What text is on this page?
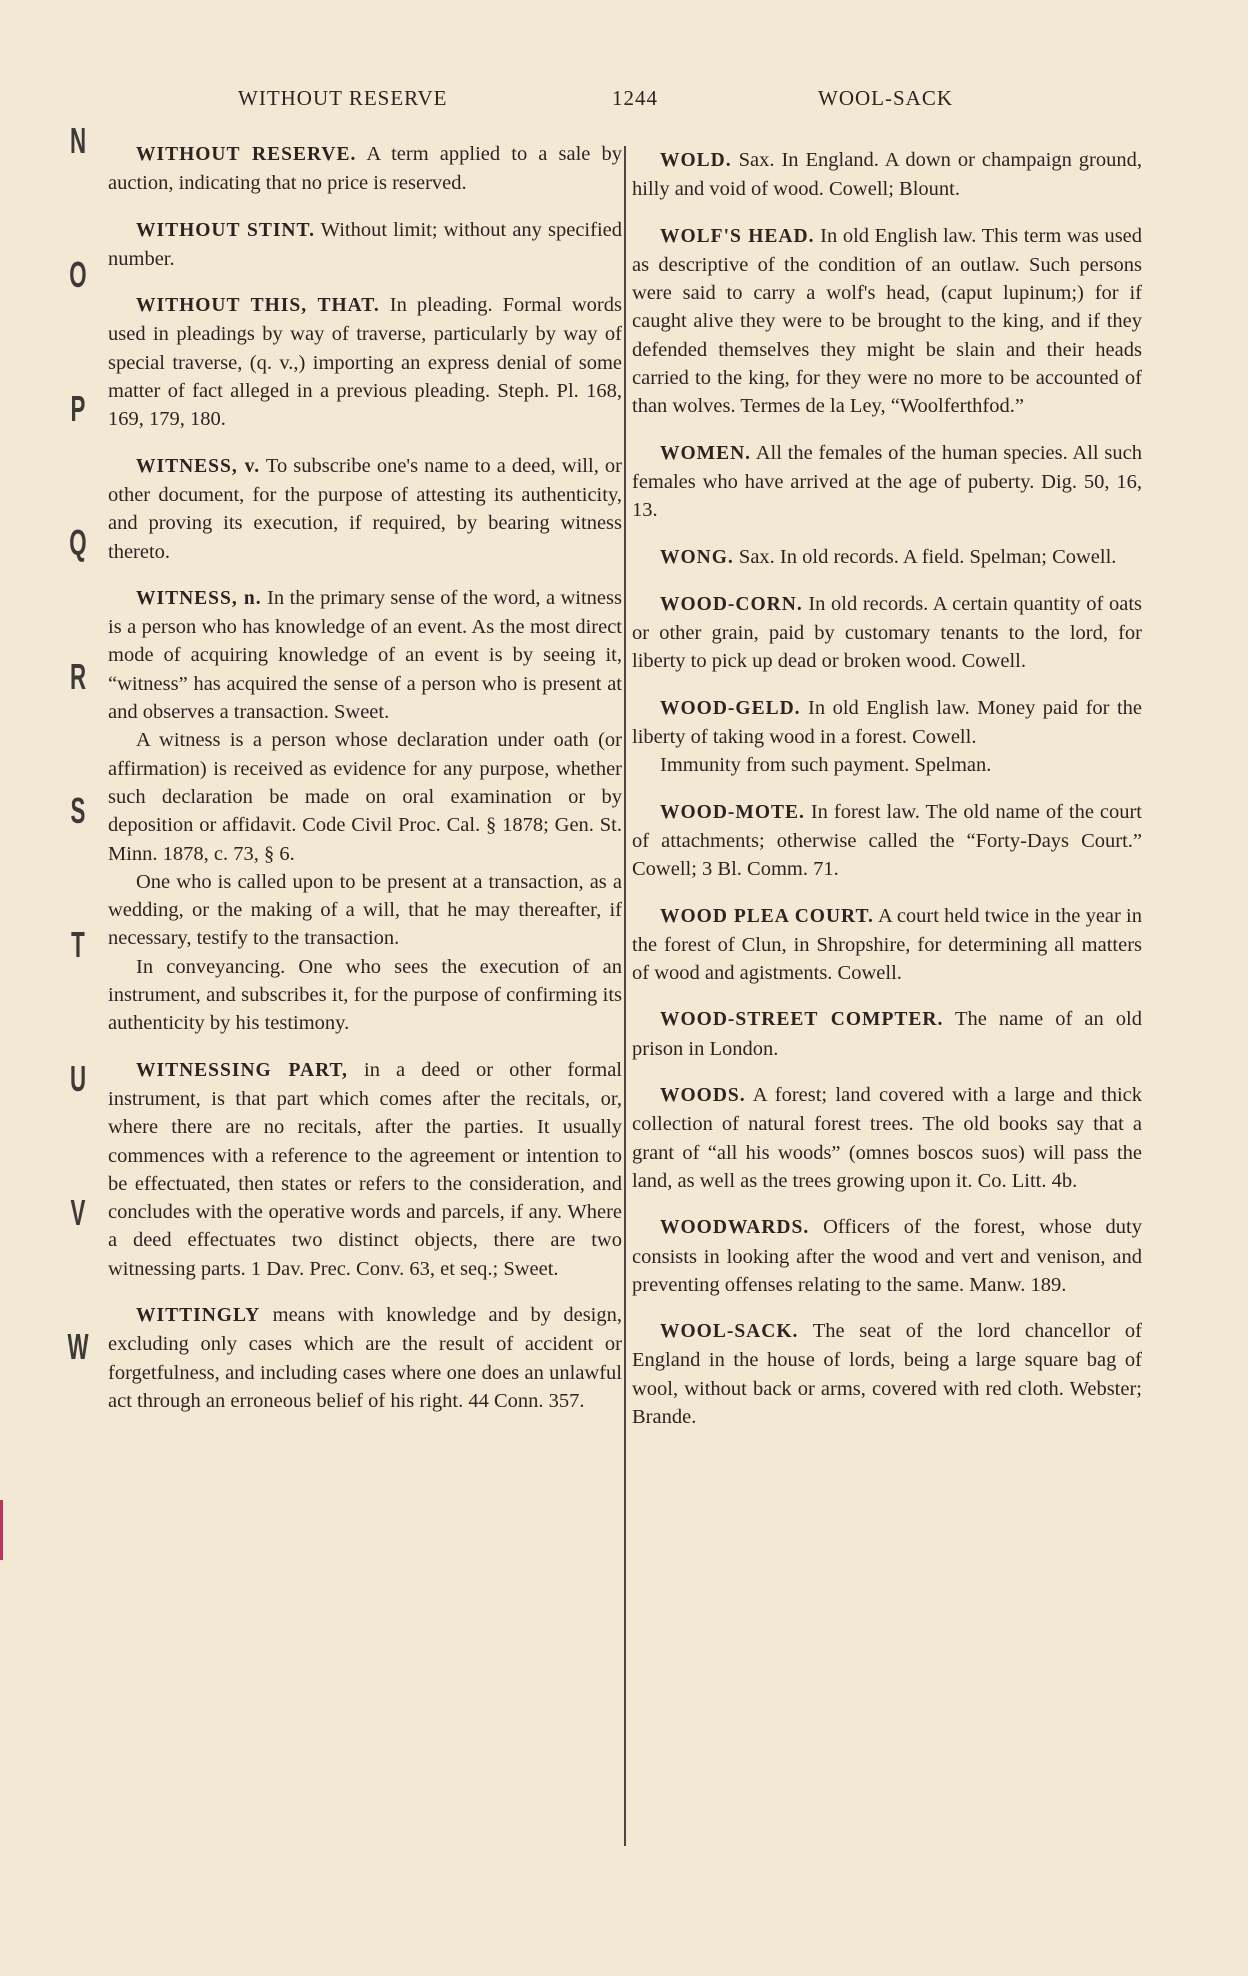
WITHOUT RESERVE	1244	WOOL-SACK
N
O
P
Q
R
S
T
U
V
W

WITHOUT RESERVE. A term applied to a sale by auction, indicating that no price is reserved.

WITHOUT STINT. Without limit; without any specified number.

WITHOUT THIS, THAT. In pleading. Formal words used in pleadings by way of traverse, particularly by way of special traverse, (q. v.,) importing an express denial of some matter of fact alleged in a previous pleading. Steph. Pl. 168, 169, 179, 180.

WITNESS, v. To subscribe one's name to a deed, will, or other document, for the purpose of attesting its authenticity, and proving its execution, if required, by bearing witness thereto.

WITNESS, n. In the primary sense of the word, a witness is a person who has knowledge of an event. As the most direct mode of acquiring knowledge of an event is by seeing it, “witness” has acquired the sense of a person who is present at and observes a transaction. Sweet.

A witness is a person whose declaration under oath (or affirmation) is received as evidence for any purpose, whether such declaration be made on oral examination or by deposition or affidavit. Code Civil Proc. Cal. § 1878; Gen. St. Minn. 1878, c. 73, § 6.

One who is called upon to be present at a transaction, as a wedding, or the making of a will, that he may thereafter, if necessary, testify to the transaction.

In conveyancing. One who sees the execution of an instrument, and subscribes it, for the purpose of confirming its authenticity by his testimony.

WITNESSING PART, in a deed or other formal instrument, is that part which comes after the recitals, or, where there are no recitals, after the parties. It usually commences with a reference to the agreement or intention to be effectuated, then states or refers to the consideration, and concludes with the operative words and parcels, if any. Where a deed effectuates two distinct objects, there are two witnessing parts. 1 Dav. Prec. Conv. 63, et seq.; Sweet.

WITTINGLY means with knowledge and by design, excluding only cases which are the result of accident or forgetfulness, and including cases where one does an unlawful act through an erroneous belief of his right. 44 Conn. 357.

WOLD. Sax. In England. A down or champaign ground, hilly and void of wood. Cowell; Blount.

WOLF'S HEAD. In old English law. This term was used as descriptive of the condition of an outlaw. Such persons were said to carry a wolf's head, (caput lupinum;) for if caught alive they were to be brought to the king, and if they defended themselves they might be slain and their heads carried to the king, for they were no more to be accounted of than wolves. Termes de la Ley, “Woolferthfod.”

WOMEN. All the females of the human species. All such females who have arrived at the age of puberty. Dig. 50, 16, 13.

WONG. Sax. In old records. A field. Spelman; Cowell.

WOOD-CORN. In old records. A certain quantity of oats or other grain, paid by customary tenants to the lord, for liberty to pick up dead or broken wood. Cowell.

WOOD-GELD. In old English law. Money paid for the liberty of taking wood in a forest. Cowell.

Immunity from such payment. Spelman.

WOOD-MOTE. In forest law. The old name of the court of attachments; otherwise called the “Forty-Days Court.” Cowell; 3 Bl. Comm. 71.

WOOD PLEA COURT. A court held twice in the year in the forest of Clun, in Shropshire, for determining all matters of wood and agistments. Cowell.

WOOD-STREET COMPTER. The name of an old prison in London.

WOODS. A forest; land covered with a large and thick collection of natural forest trees. The old books say that a grant of “all his woods” (omnes boscos suos) will pass the land, as well as the trees growing upon it. Co. Litt. 4b.

WOODWARDS. Officers of the forest, whose duty consists in looking after the wood and vert and venison, and preventing offenses relating to the same. Manw. 189.

WOOL-SACK. The seat of the lord chancellor of England in the house of lords, being a large square bag of wool, without back or arms, covered with red cloth. Webster; Brande.
